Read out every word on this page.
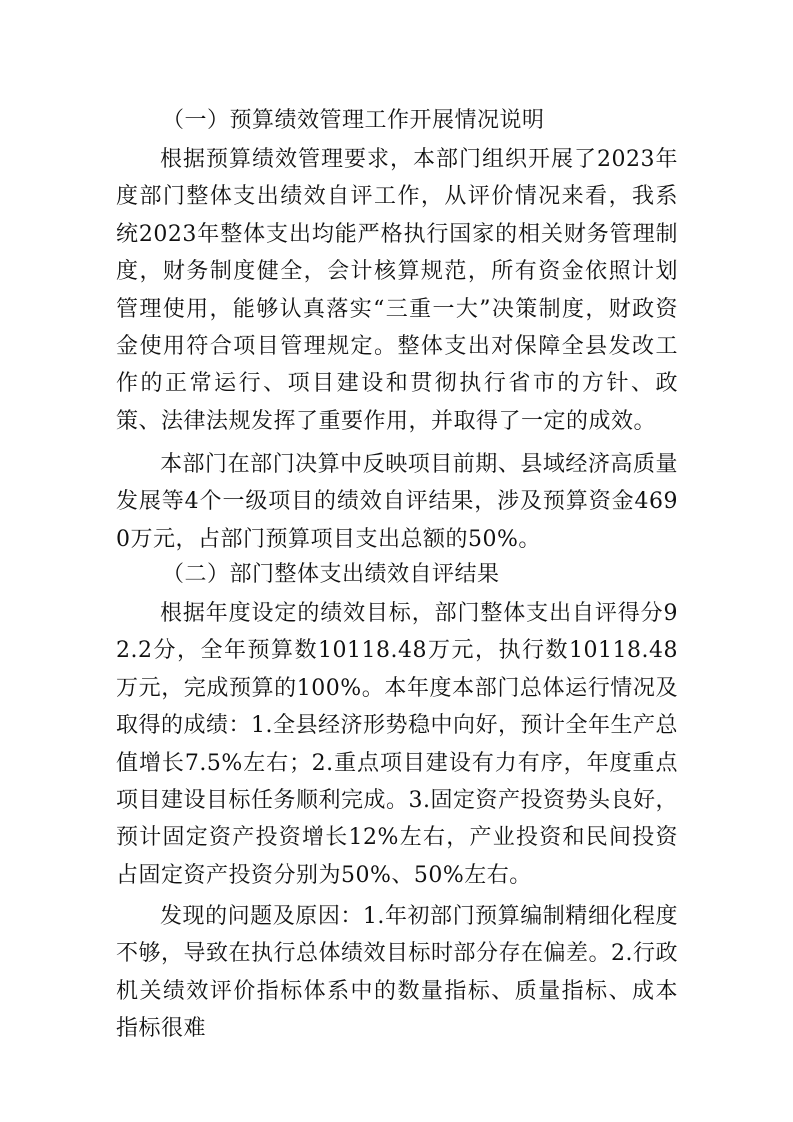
（一）预算绩效管理工作开展情况说明
根据预算绩效管理要求，本部门组织开展了2023年度部门整体支出绩效自评工作，从评价情况来看，我系统2023年整体支出均能严格执行国家的相关财务管理制度，财务制度健全，会计核算规范，所有资金依照计划管理使用，能够认真落实“三重一大”决策制度，财政资金使用符合项目管理规定。整体支出对保障全县发改工作的正常运行、项目建设和贯彻执行省市的方针、政策、法律法规发挥了重要作用，并取得了一定的成效。
本部门在部门决算中反映项目前期、县域经济高质量发展等4个一级项目的绩效自评结果，涉及预算资金4690万元，占部门预算项目支出总额的50%。
（二）部门整体支出绩效自评结果
根据年度设定的绩效目标，部门整体支出自评得分92.2分，全年预算数10118.48万元，执行数10118.48万元，完成预算的100%。本年度本部门总体运行情况及取得的成绩：1.全县经济形势稳中向好，预计全年生产总值增长7.5%左右；2.重点项目建设有力有序，年度重点项目建设目标任务顺利完成。3.固定资产投资势头良好，预计固定资产投资增长12%左右，产业投资和民间投资占固定资产投资分别为50%、50%左右。
发现的问题及原因：1.年初部门预算编制精细化程度不够，导致在执行总体绩效目标时部分存在偏差。2.行政机关绩效评价指标体系中的数量指标、质量指标、成本指标很难
